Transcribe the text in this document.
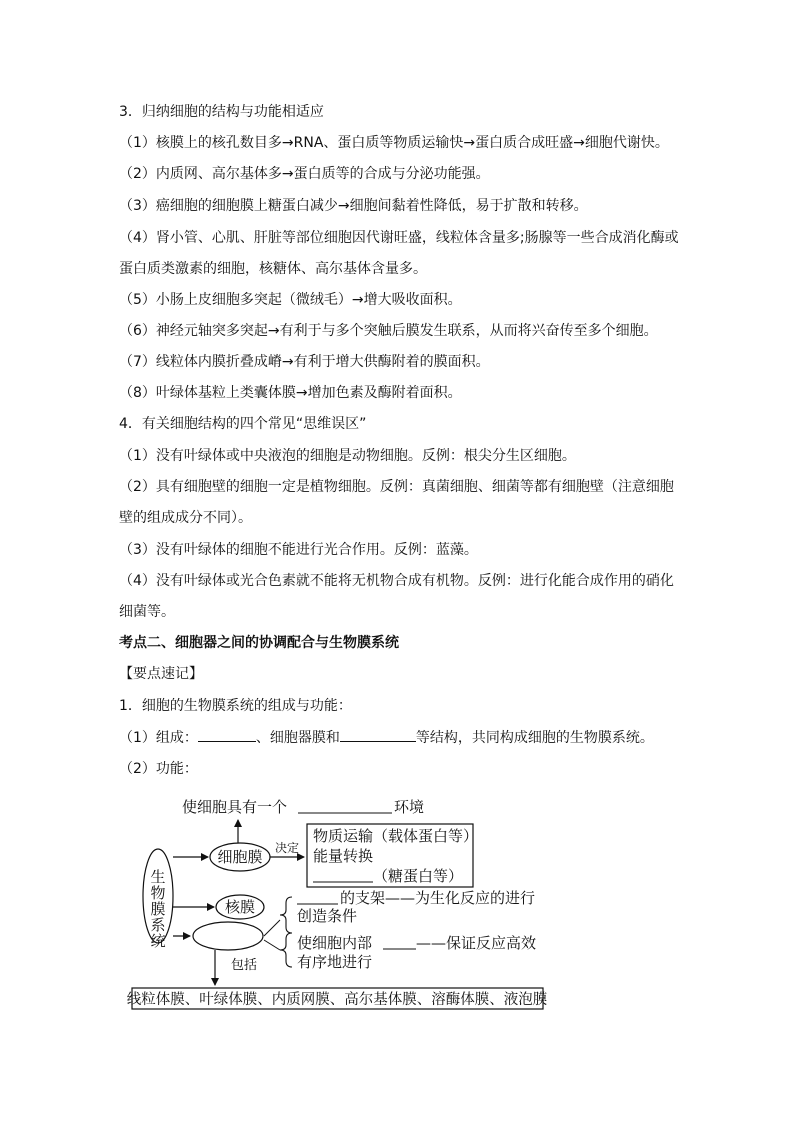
3．归纳细胞的结构与功能相适应
（1）核膜上的核孔数目多→RNA、蛋白质等物质运输快→蛋白质合成旺盛→细胞代谢快。
（2）内质网、高尔基体多→蛋白质等的合成与分泌功能强。
（3）癌细胞的细胞膜上糖蛋白减少→细胞间黏着性降低，易于扩散和转移。
（4）肾小管、心肌、肝脏等部位细胞因代谢旺盛，线粒体含量多;肠腺等一些合成消化酶或
蛋白质类激素的细胞，核糖体、高尔基体含量多。
（5）小肠上皮细胞多突起（微绒毛）→增大吸收面积。
（6）神经元轴突多突起→有利于与多个突触后膜发生联系，从而将兴奋传至多个细胞。
（7）线粒体内膜折叠成嵴→有利于增大供酶附着的膜面积。
（8）叶绿体基粒上类囊体膜→增加色素及酶附着面积。
4．有关细胞结构的四个常见“思维误区”
（1）没有叶绿体或中央液泡的细胞是动物细胞。反例：根尖分生区细胞。
（2）具有细胞壁的细胞一定是植物细胞。反例：真菌细胞、细菌等都有细胞壁（注意细胞
壁的组成成分不同）。
（3）没有叶绿体的细胞不能进行光合作用。反例：蓝藻。
（4）没有叶绿体或光合色素就不能将无机物合成有机物。反例：进行化能合成作用的硝化
细菌等。
考点二、细胞器之间的协调配合与生物膜系统
【要点速记】
1．细胞的生物膜系统的组成与功能：
（1）组成：	、细胞器膜和	等结构，共同构成细胞的生物膜系统。
（2）功能：
生
物
膜
系
统
使细胞具有一个	环境
细胞膜 决定
物质运输（载体蛋白等）
能量转换
（糖蛋白等）
核膜	的支架——为生化反应的进行
创造条件
使细胞内部	——保证反应高效
有序地进行
包括
线粒体膜、叶绿体膜、内质网膜、高尔基体膜、溶酶体膜、液泡膜
